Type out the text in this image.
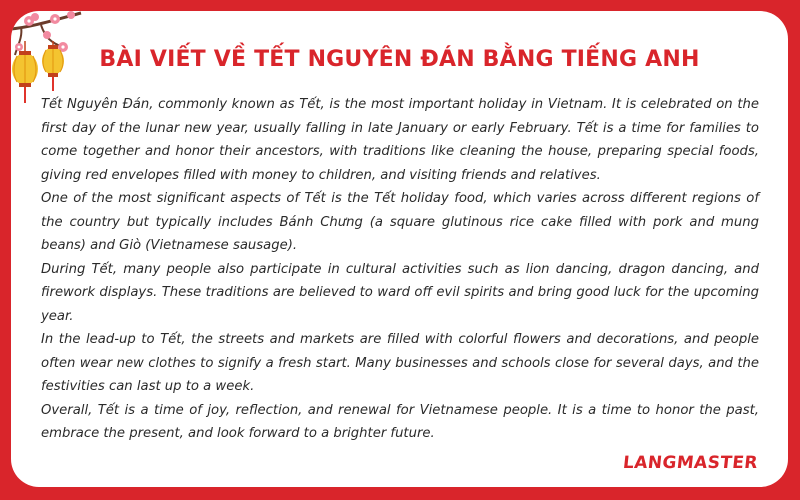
BÀI VIẾT VỀ TẾT NGUYÊN ĐÁN BẰNG TIẾNG ANH

Tết Nguyên Đán, commonly known as Tết, is the most important holiday in Vietnam. It is celebrated on the first day of the lunar new year, usually falling in late January or early February. Tết is a time for families to come together and honor their ancestors, with traditions like cleaning the house, preparing special foods, giving red envelopes filled with money to children, and visiting friends and relatives.

One of the most significant aspects of Tết is the Tết holiday food, which varies across different regions of the country but typically includes Bánh Chưng (a square glutinous rice cake filled with pork and mung beans) and Giò (Vietnamese sausage).

During Tết, many people also participate in cultural activities such as lion dancing, dragon dancing, and firework displays. These traditions are believed to ward off evil spirits and bring good luck for the upcoming year.

In the lead-up to Tết, the streets and markets are filled with colorful flowers and decorations, and people often wear new clothes to signify a fresh start. Many businesses and schools close for several days, and the festivities can last up to a week.

Overall, Tết is a time of joy, reflection, and renewal for Vietnamese people. It is a time to honor the past, embrace the present, and look forward to a brighter future.

LANGMASTER
